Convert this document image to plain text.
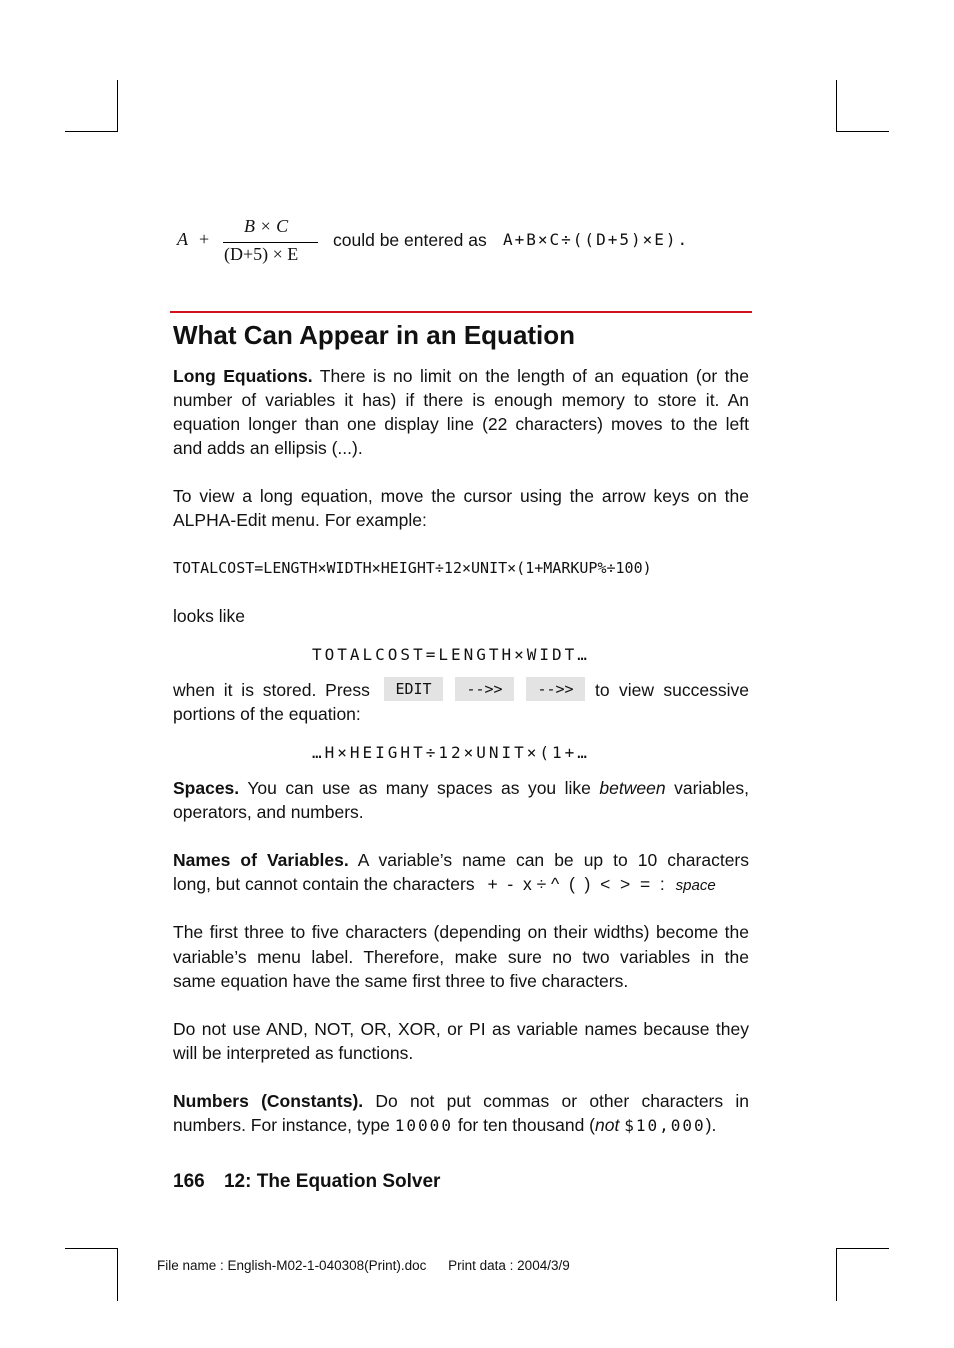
A +
B × C
(D+5) × E
could be entered as A+B×C÷((D+5)×E).
What Can Appear in an Equation
Long Equations. There is no limit on the length of an equation (or the
number of variables it has) if there is enough memory to store it. An
equation longer than one display line (22 characters) moves to the left
and adds an ellipsis (...).
To view a long equation, move the cursor using the arrow keys on the
ALPHA-Edit menu. For example:
TOTALCOST=LENGTH×WIDTH×HEIGHT÷12×UNIT×(1+MARKUP%÷100)
looks like
TOTALCOST=LENGTH×WIDT…
when it is stored. Press	EDIT	-->>	-->>	to view successive
portions of the equation:
…H×HEIGHT÷12×UNIT×(1+…
Spaces. You can use as many spaces as you like between variables,
operators, and numbers.
Names of Variables. A variable’s name can be up to 10 characters
long, but cannot contain the characters +  -  x ÷ ^  (  )  <  >  =  : space
The first three to five characters (depending on their widths) become the
variable’s menu label. Therefore, make sure no two variables in the
same equation have the same first three to five characters.
Do not use AND, NOT, OR, XOR, or PI as variable names because they
will be interpreted as functions.
Numbers (Constants). Do not put commas or other characters in
numbers. For instance, type 10000 for ten thousand (not $10,000).
166 12: The Equation Solver
File name : English-M02-1-040308(Print).doc Print data : 2004/3/9
